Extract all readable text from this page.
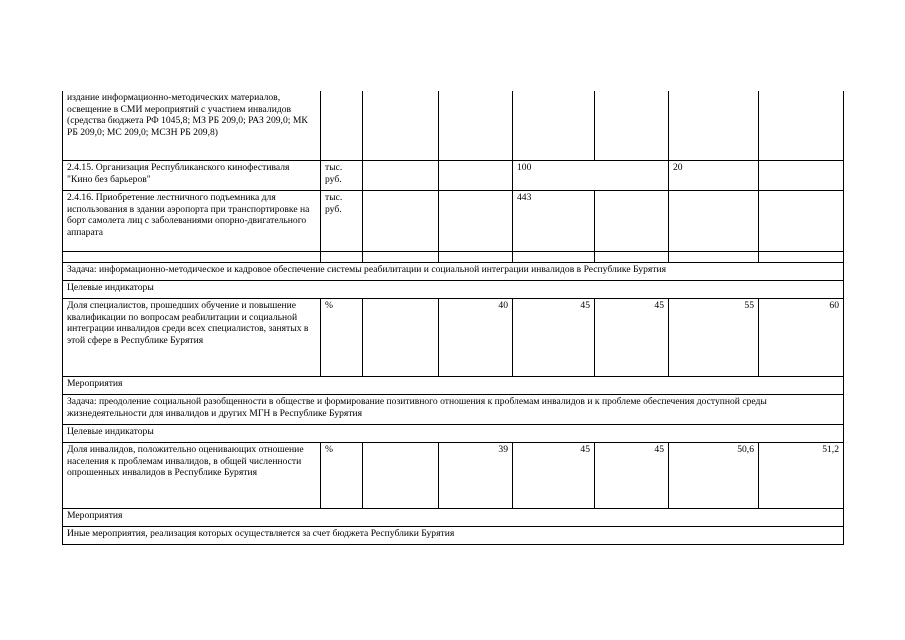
издание информационно-методических материалов, освещение в СМИ мероприятий с участием инвалидов (средства бюджета РФ 1045,8; МЗ РБ 209,0; РАЗ 209,0; МК РБ 209,0; МС 209,0; МСЗН РБ 209,8)							
2.4.15. Организация Республиканского кинофестиваля "Кино без барьеров"	тыс. руб.			100		20	
2.4.16. Приобретение лестничного подъемника для использования в здании аэропорта при транспортировке на борт самолета лиц с заболеваниями опорно-двигательного аппарата	тыс. руб.			443			

Задача: информационно-методическое и кадровое обеспечение системы реабилитации и социальной интеграции инвалидов в Республике Бурятия							
Целевые индикаторы							
Доля специалистов, прошедших обучение и повышение квалификации по вопросам реабилитации и социальной интеграции инвалидов среди всех специалистов, занятых в этой сфере в Республике Бурятия	%		40	45	45	55	60
Мероприятия							
Задача: преодоление социальной разобщенности в обществе и формирование позитивного отношения к проблемам инвалидов и к проблеме обеспечения доступной среды жизнедеятельности для инвалидов и других МГН в Республике Бурятия							
Целевые индикаторы							
Доля инвалидов, положительно оценивающих отношение населения к проблемам инвалидов, в общей численности опрошенных инвалидов в Республике Бурятия	%		39	45	45	50,6	51,2
Мероприятия							
Иные мероприятия, реализация которых осуществляется за счет бюджета Республики Бурятия							
